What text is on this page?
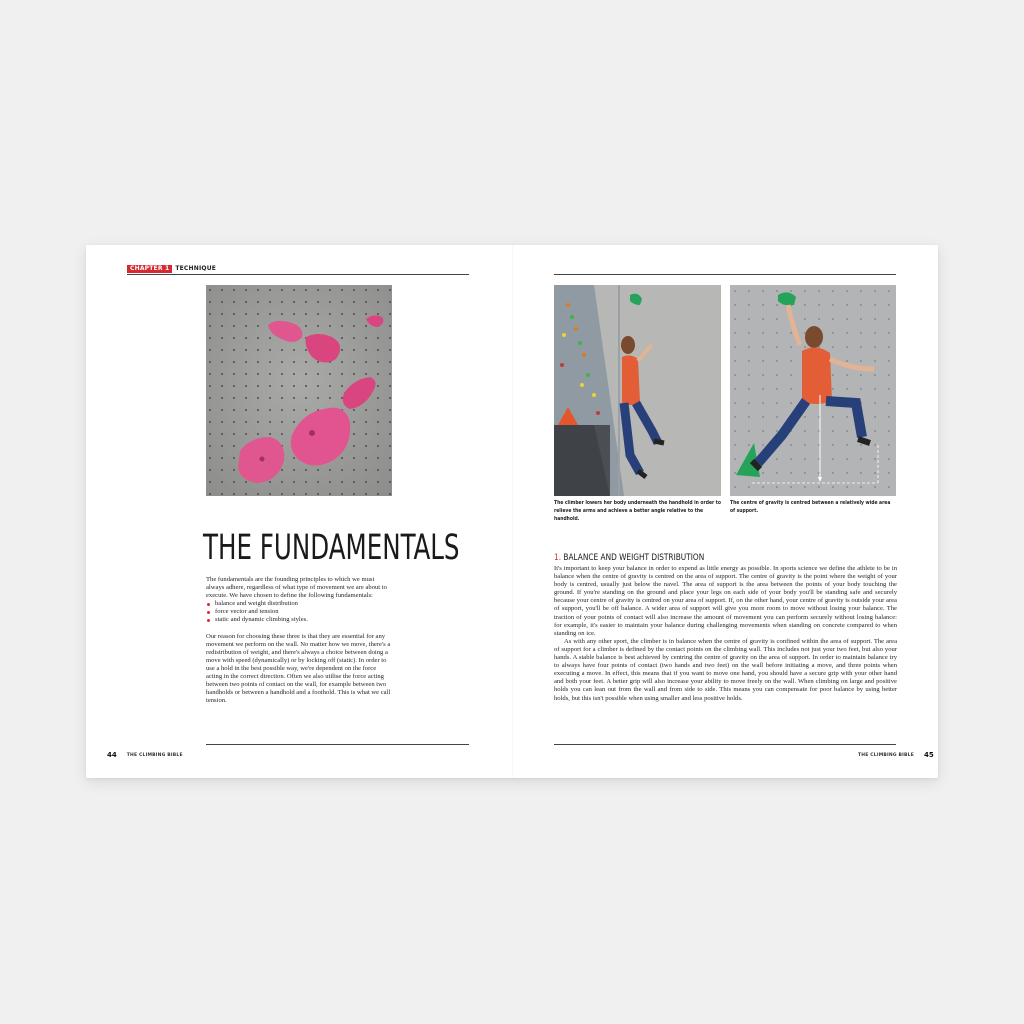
CHAPTER 1	TECHNIQUE
THE FUNDAMENTALS

The fundamentals are the founding principles to which we must always adhere, regardless of what type of movement we are about to execute. We have chosen to define the following fundamentals:

balance and weight distribution
force vector and tension
static and dynamic climbing styles.

Our reason for choosing these three is that they are essential for any movement we perform on the wall. No matter how we move, there's a redistribution of weight, and there's always a choice between doing a move with speed (dynamically) or by locking off (static). In order to use a hold in the best possible way, we're dependent on the force acting in the correct direction. Often we also utilise the force acting between two points of contact on the wall, for example between two handholds or between a handhold and a foothold. This is what we call tension.

44 THE CLIMBING BIBLE
The climber lowers her body underneath the handhold in order to relieve the arms and achieve a better angle relative to the handhold.
The centre of gravity is centred between a relatively wide area of support.
1. BALANCE AND WEIGHT DISTRIBUTION

It's important to keep your balance in order to expend as little energy as possible. In sports science we define the athlete to be in balance when the centre of gravity is centred on the area of support. The centre of gravity is the point where the weight of your body is centred, usually just below the navel. The area of support is the area between the points of your body touching the ground. If you're standing on the ground and place your legs on each side of your body you'll be standing safe and securely because your centre of gravity is centred on your area of support. If, on the other hand, your centre of gravity is outside your area of support, you'll be off balance. A wider area of support will give you more room to move without losing your balance. The traction of your points of contact will also increase the amount of movement you can perform securely without losing balance: for example, it's easier to maintain your balance during challenging movements when standing on concrete compared to when standing on ice.

As with any other sport, the climber is in balance when the centre of gravity is confined within the area of support. The area of support for a climber is defined by the contact points on the climbing wall. This includes not just your two feet, but also your hands. A stable balance is best achieved by centring the centre of gravity on the area of support. In order to maintain balance try to always have four points of contact (two hands and two feet) on the wall before initiating a move, and three points when executing a move. In effect, this means that if you want to move one hand, you should have a secure grip with your other hand and both your feet. A better grip will also increase your ability to move freely on the wall. When climbing on large and positive holds you can lean out from the wall and from side to side. This means you can compensate for poor balance by using better holds, but this isn't possible when using smaller and less positive holds.

THE CLIMBING BIBLE 45
